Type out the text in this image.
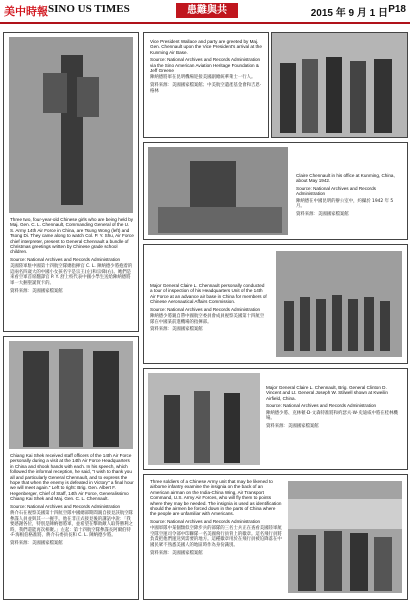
美中時報 SINO US TIMES	患難與共	2015 年 9 月 1 日 P18

Three two, four-year-old Chinese girls who are being held by Maj. Gen. C. L. Chennault, Commanding General of the U. S. Army 14th Air Force in China, are Tsung Wong (left) and Tsong Di. They came along to watch Col. P. Y. Shu, Air Force chief interpreter, present to General Chennault a bundle of Christmas greetings written by Chinese grade school children.

Source: National Archives and Records Administration

美國陸軍駐中國第十四航空隊總指揮官 C. L. 陳納德少將抱着的這兩名四歲大的中國小女孩名字是宗王(左)和宗娣(右)。她們是來看空軍首席翻譯官 P. Y. 舒上校代表中國小學生送給陳納德將軍一大捆聖誕賀卡的。

資料來源：美國國家檔案館

Vice President Wallace and party are greeted by Maj. Gen. Chennault upon the Vice President's arrival at the Kunming Air Base.

Source: National Archives and Records Administration via the Sino American Aviation Heritage Foundation & Jeff Greene

陳納德將軍在昆明機場迎接美國副總統華萊士一行人。

資料來源：美國國家檔案館；中美航空遺產基金會和吉恩·格林

Claire Chennault in his office at Kunming, China, about May 1942.

Source: National Archives and Records Administration

陳納德在中國昆明的辦公室中，約攝於 1942 年 5 月。

資料來源：美國國家檔案館

Major General Claire L. Chennault personally conducted a tour of inspection of his Headquarters Unit of the 14th Air Force at an advance air base in China for members of Chinese Aeronautical Affairs Commission.

Source: National Archives and Records Administration

陳納德少將親自帶中國航空委員會成員視察美國第十四航空隊在中國某前進機場的指揮部。

資料來源：美國國家檔案館

Chiang Kai Shek received staff officers of the 14th Air Force personally during a visit at the 14th Air Force Headquarters in China and shook hands with each. In his speech, which followed the informal reception, he said, "I wish to thank you all and particularly General Chennault, and to express the hope that when the enemy is defeated in Victory" a final hour we will meet again." Left to right: Brig. Gen. Albert F. Hegenberger, Chief of Staff, 14th Air Force, Generalissimo Chiang Kai Shek and Maj. Gen. C. L. Chennault.

Source: National Archives and Records Administration

蔣介石在視察美國第十四航空隊中國總部期間親自接見該航空隊參謀人員並與其一一握手。他在非正式接見後的講話中說：「我要感謝各位，特別是陳納德將軍，並希望在擊敗敵人取得勝利之時，我們還能再次相聚。」左起：第十四航空隊參謀長阿爾伯特·F·海根伯格准將、蔣介石委員長和 C. L. 陳納德少將。

資料來源：美國國家檔案館

Major General Claire L. Chennault, Brig. General Clinton D. Vincent and Lt. General Joseph W. Stilwell shown at Kweilin Airfield, China.

Source: National Archives and Records Administration

陳納德少將、克林頓·D·文森特准將和約瑟夫·W·史迪威中將在桂林機場。

資料來源：美國國家檔案館

Three soldiers of a Chinese Army unit that may be likened to airborne infantry examine the insignia on the back of an American airman on the India-China Wing, Air Transport Command, U.S. Army Air Forces, who will fly them to points where they may be needed. The insignia is used as identification should the airmen be forced down in the parts of China where the people are unfamiliar with Americans.

Source: National Archives and Records Administration

中國軍隊中某個類似空降步兵的部隊的三名士兵正在查看美國陸軍航空隊空運司令部中印聯隊一名美國飛行員背上的徽章。這名飛行員將負責把他們運送到需要的地方。這種徽章用於在飛行員被迫降落在中國民眾不熟悉美國人的地區時作為身份識別。

資料來源：美國國家檔案館
